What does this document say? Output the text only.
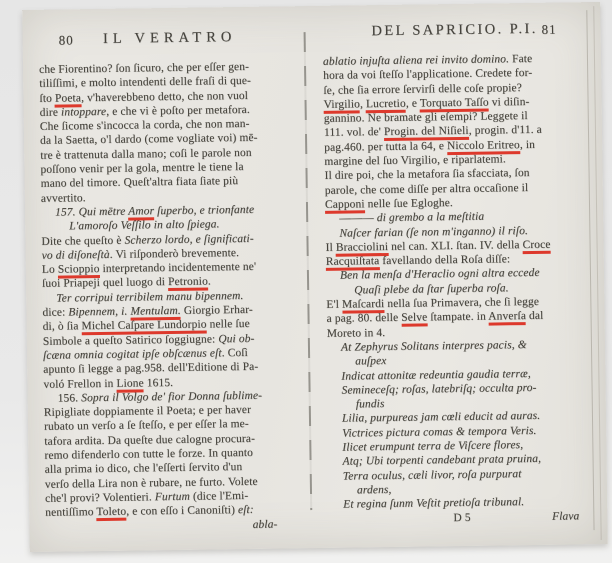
80	IL VERATRO
che Fiorentino? ſon ſicuro, che per eſſer gen-
tiliſſimi, e molto intendenti delle fraſi di que-
ſto Poeta, v'haverebbeno detto, che non vuol
dire intoppare, e che vi è poſto per metafora.
Che ſicome s'incocca la corda, che non man-
da la Saetta, o'l dardo (come vogliate voi) mē-
tre è trattenuta dalla mano; coſi le parole non
poſſono venir per la gola, mentre le tiene la
mano del timore. Queſt'altra fiata ſiate più
avvertito.
157. Qui mētre Amor ſuperbo, e trionfante
L'amoroſo Veſſilo in alto ſpiega.
Dite che queſto è Scherzo lordo, e ſignificati-
vo di diſoneſtà. Vi riſponderò brevemente.
Lo Scioppio interpretando incidentemente ne'
ſuoi Priapeji quel luogo di Petronio.
Ter corripui terribilem manu bipennem.
dice: Bipennem, i. Mentulam. Giorgio Erhar-
di, ò ſia Michel Caſpare Lundorpio nelle ſue
Simbole a queſto Satirico ſoggiugne: Qui ob-
ſcæna omnia cogitat ipſe obſcænus eſt. Coſì
apunto ſi legge a pag.958. dell'Editione di Pa-
voló Frellon in Lione 1615.
156. Sopra il Volgo de' fior Donna ſublime-
Ripigliate doppiamente il Poeta; e per haver
rubato un verſo a ſe ſteſſo, e per eſſer la me-
tafora ardita. Da queſte due calogne procura-
remo difenderlo con tutte le forze. In quanto
alla prima io dico, che l'eſſerti ſervito d'un
verſo della Lira non è rubare, ne furto. Volete
che'l provi? Volentieri. Furtum (dice l'Emi-
nentiſſimo Toleto, e con eſſo i Canoniſti) eſt:
abla-
DEL SAPRICIO. P.I. 81
ablatio injuſta aliena rei invito domino. Fate
hora da voi ſteſſo l'applicatione. Credete for-
ſe, che ſia errore ſervirſi delle coſe propie?
Virgilio, Lucretio, e Torquato Taſſo vi diſin-
gannino. Ne bramate gli eſempi? Leggete il
111. vol. de' Progin. del Niſieli, progin. d'11. a
pag.460. per tutta la 64, e Niccolo Eritreo, in
margine del ſuo Virgilio, e riparlatemi.
Il dire poi, che la metafora ſia sfacciata, ſon
parole, che come diſſe per altra occaſione il
Capponi nelle ſue Egloghe.
——— di grembo a la meſtitia
Naſcer farian (ſe non m'inganno) il riſo.
Il Bracciolini nel can. XLI. ſtan. IV. della Croce
Racquiſtata favellando della Roſa diſſe:
Ben la menſa d'Heraclio ogni altra eccede
Quaſi plebe da ſtar ſuperba roſa.
E'l Maſcardi nella ſua Primavera, che ſi legge
a pag. 80. delle Selve ſtampate. in Anverſa dal
Moreto in 4.
At Zephyrus Solitans interpres pacis, &
auſpex
Indicat attonitæ redeuntia gaudia terræ,
Semineceſq; roſas, latebriſq; occulta pro-
fundis
Lilia, purpureas jam cœli educit ad auras.
Victrices pictura comas & tempora Veris.
Ilicet erumpunt terra de Viſcere flores,
Atq; Ubi torpenti candebant prata pruina,
Terra oculus, cæli livor, roſa purpurat
ardens,
Et regina ſunm Veſtit pretioſa tribunal.
D 5	Flava
